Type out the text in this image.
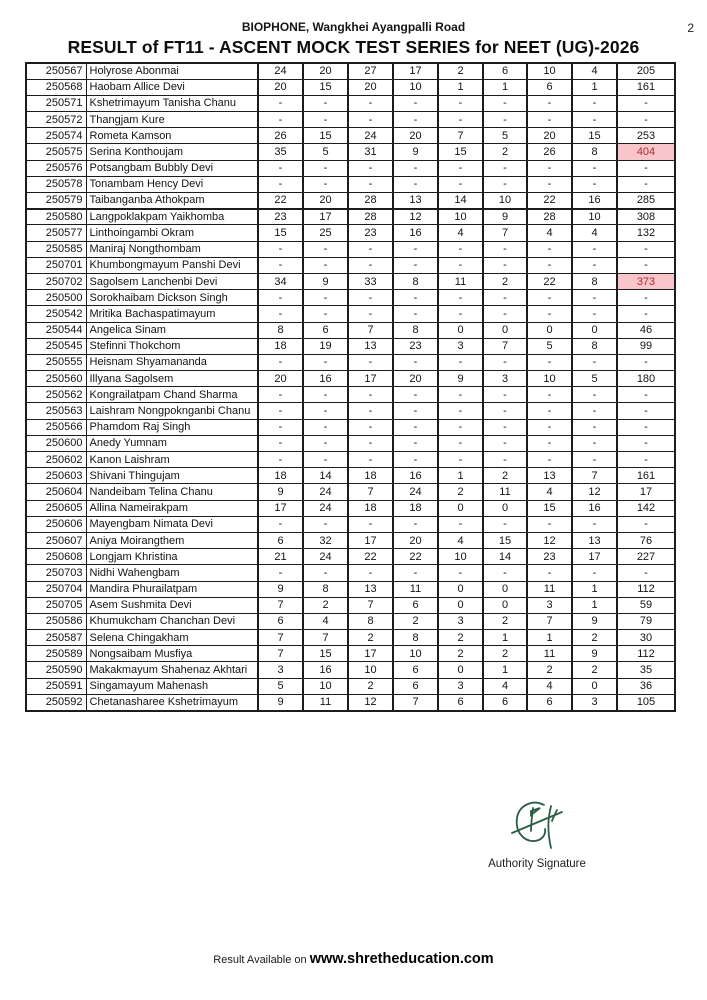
BIOPHONE, Wangkhei Ayangpalli Road	2
RESULT of FT11 - ASCENT MOCK TEST SERIES for NEET (UG)-2026
250567	Holyrose Abonmai	24	20	27	17	2	6	10	4	205
250568	Haobam Allice Devi	20	15	20	10	1	1	6	1	161
250571	Kshetrimayum Tanisha Chanu	-	-	-	-	-	-	-	-	-
250572	Thangjam Kure	-	-	-	-	-	-	-	-	-
250574	Rometa Kamson	26	15	24	20	7	5	20	15	253
250575	Serina Konthoujam	35	5	31	9	15	2	26	8	404
250576	Potsangbam Bubbly Devi	-	-	-	-	-	-	-	-	-
250578	Tonambam Hency Devi	-	-	-	-	-	-	-	-	-
250579	Taibanganba Athokpam	22	20	28	13	14	10	22	16	285
250580	Langpoklakpam Yaikhomba	23	17	28	12	10	9	28	10	308
250577	Linthoingambi Okram	15	25	23	16	4	7	4	4	132
250585	Maniraj Nongthombam	-	-	-	-	-	-	-	-	-
250701	Khumbongmayum Panshi Devi	-	-	-	-	-	-	-	-	-
250702	Sagolsem Lanchenbi Devi	34	9	33	8	11	2	22	8	373
250500	Sorokhaibam Dickson Singh	-	-	-	-	-	-	-	-	-
250542	Mritika Bachaspatimayum	-	-	-	-	-	-	-	-	-
250544	Angelica Sinam	8	6	7	8	0	0	0	0	46
250545	Stefinni Thokchom	18	19	13	23	3	7	5	8	99
250555	Heisnam Shyamananda	-	-	-	-	-	-	-	-	-
250560	Illyana Sagolsem	20	16	17	20	9	3	10	5	180
250562	Kongrailatpam Chand Sharma	-	-	-	-	-	-	-	-	-
250563	Laishram Nongpoknganbi Chanu	-	-	-	-	-	-	-	-	-
250566	Phamdom Raj Singh	-	-	-	-	-	-	-	-	-
250600	Anedy Yumnam	-	-	-	-	-	-	-	-	-
250602	Kanon Laishram	-	-	-	-	-	-	-	-	-
250603	Shivani Thingujam	18	14	18	16	1	2	13	7	161
250604	Nandeibam Telina Chanu	9	24	7	24	2	11	4	12	17
250605	Allina Nameirakpam	17	24	18	18	0	0	15	16	142
250606	Mayengbam Nimata Devi	-	-	-	-	-	-	-	-	-
250607	Aniya Moirangthem	6	32	17	20	4	15	12	13	76
250608	Longjam Khristina	21	24	22	22	10	14	23	17	227
250703	Nidhi Wahengbam	-	-	-	-	-	-	-	-	-
250704	Mandira Phurailatpam	9	8	13	11	0	0	11	1	112
250705	Asem Sushmita Devi	7	2	7	6	0	0	3	1	59
250586	Khumukcham Chanchan Devi	6	4	8	2	3	2	7	9	79
250587	Selena Chingakham	7	7	2	8	2	1	1	2	30
250589	Nongsaibam Musfiya	7	15	17	10	2	2	11	9	112
250590	Makakmayum Shahenaz Akhtari	3	16	10	6	0	1	2	2	35
250591	Singamayum Mahenash	5	10	2	6	3	4	4	0	36
250592	Chetanasharee Kshetrimayum	9	11	12	7	6	6	6	3	105
Authority Signature
Result Available on www.shretheducation.com
